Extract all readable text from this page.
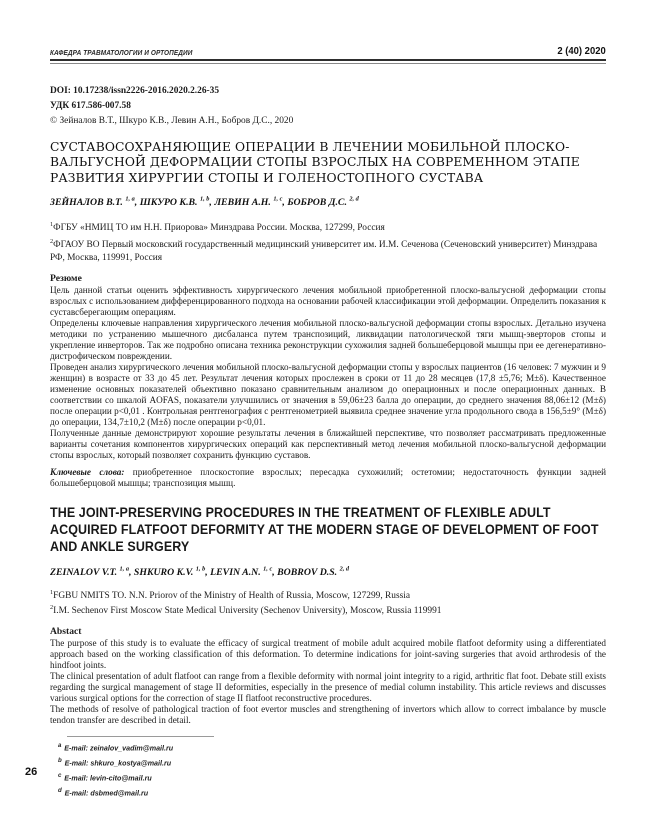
КАФЕДРА ТРАВМАТОЛОГИИ И ОРТОПЕДИИ	2 (40) 2020
DOI: 10.17238/issn2226-2016.2020.2.26-35
УДК 617.586-007.58
© Зейналов В.Т., Шкуро К.В., Левин А.Н., Бобров Д.С., 2020
СУСТАВОСОХРАНЯЮЩИЕ ОПЕРАЦИИ В ЛЕЧЕНИИ МОБИЛЬНОЙ ПЛОСКО-ВАЛЬГУСНОЙ ДЕФОРМАЦИИ СТОПЫ ВЗРОСЛЫХ НА СОВРЕМЕННОМ ЭТАПЕ РАЗВИТИЯ ХИРУРГИИ СТОПЫ И ГОЛЕНОСТОПНОГО СУСТАВА
ЗЕЙНАЛОВ В.Т. $^{1, a}$, ШКУРО К.В. $^{1, b}$, ЛЕВИН А.Н. $^{1, c}$, БОБРОВ Д.С. $^{2, d}$
$^1$ФГБУ «НМИЦ ТО им Н.Н. Приорова» Минздрава России. Москва, 127299, Россия
$^2$ФГАОУ ВО Первый московский государственный медицинский университет им. И.М. Сеченова (Сеченовский университет) Минздрава РФ, Москва, 119991, Россия
Резюме
Цель данной статьи оценить эффективность хирургического лечения мобильной приобретенной плоско-вальгусной деформации стопы взрослых с использованием дифференцированного подхода на основании рабочей классификации этой деформации. Определить показания к суставсберегающим операциям.
Определены ключевые направления хирургического лечения мобильной плоско-вальгусной деформации стопы взрослых. Детально изучена методики по устранению мышечного дисбаланса путем транспозиций, ликвидации патологической тяги мышц-эверторов стопы и укрепление инверторов. Так же подробно описана техника реконструкции сухожилия задней большеберцовой мышцы при ее дегенеративно-дистрофическом повреждении.
Проведен анализ хирургического лечения мобильной плоско-вальгусной деформации стопы у взрослых пациентов (16 человек: 7 мужчин и 9 женщин) в возрасте от 33 до 45 лет. Результат лечения которых прослежен в сроки от 11 до 28 месяцев (17,8 ±5,76; М±δ). Качественное изменение основных показателей объективно показано сравнительным анализом до операционных и после операционных данных. В соответствии со шкалой AOFAS, показатели улучшились от значения в 59,06±23 балла до операции, до среднего значения 88,06±12 (М±δ) после операции р<0,01 . Контрольная рентгенография с рентгенометрией выявила среднее значение угла продольного свода в 156,5±9° (М±δ) до операции, 134,7±10,2 (М±δ) после операции р<0,01.
Полученные данные демонстрируют хорошие результаты лечения в ближайшей перспективе, что позволяет рассматривать предложенные варианты сочетания компонентов хирургических операций как перспективный метод лечения мобильной плоско-вальгусной деформации стопы взрослых, который позволяет сохранить функцию суставов.
Ключевые слова: приобретенное плоскостопие взрослых; пересадка сухожилий; остетомии; недостаточность функции задней большеберцовой мышцы; транспозиция мышц.
THE JOINT-PRESERVING PROCEDURES IN THE TREATMENT OF FLEXIBLE ADULT ACQUIRED FLATFOOT DEFORMITY AT THE MODERN STAGE OF DEVELOPMENT OF FOOT AND ANKLE SURGERY
ZEINALOV V.T. $^{1, a}$, SHKURO K.V. $^{1, b}$, LEVIN A.N. $^{1, c}$, BOBROV D.S. $^{2, d}$
$^1$FGBU NMITS TO. N.N. Priorov of the Ministry of Health of Russia, Moscow, 127299, Russia
$^2$I.M. Sechenov First Moscow State Medical University (Sechenov University), Moscow, Russia 119991
Abstact
The purpose of this study is to evaluate the efficacy of surgical treatment of mobile adult acquired mobile flatfoot deformity using a differentiated approach based on the working classification of this deformation. To determine indications for joint-saving surgeries that avoid arthrodesis of the hindfoot joints.
The clinical presentation of adult flatfoot can range from a flexible deformity with normal joint integrity to a rigid, arthritic flat foot. Debate still exists regarding the surgical management of stage II deformities, especially in the presence of medial column instability. This article reviews and discusses various surgical options for the correction of stage II flatfoot reconstructive procedures.
The methods of resolve of pathological traction of foot evertor muscles and strengthening of invertors which allow to correct imbalance by muscle tendon transfer are described in detail.
$^a$ E-mail: zeinalov_vadim@mail.ru
$^b$ E-mail: shkuro_kostya@mail.ru
$^c$ E-mail: levin-cito@mail.ru
$^d$ E-mail: dsbmed@mail.ru
26
